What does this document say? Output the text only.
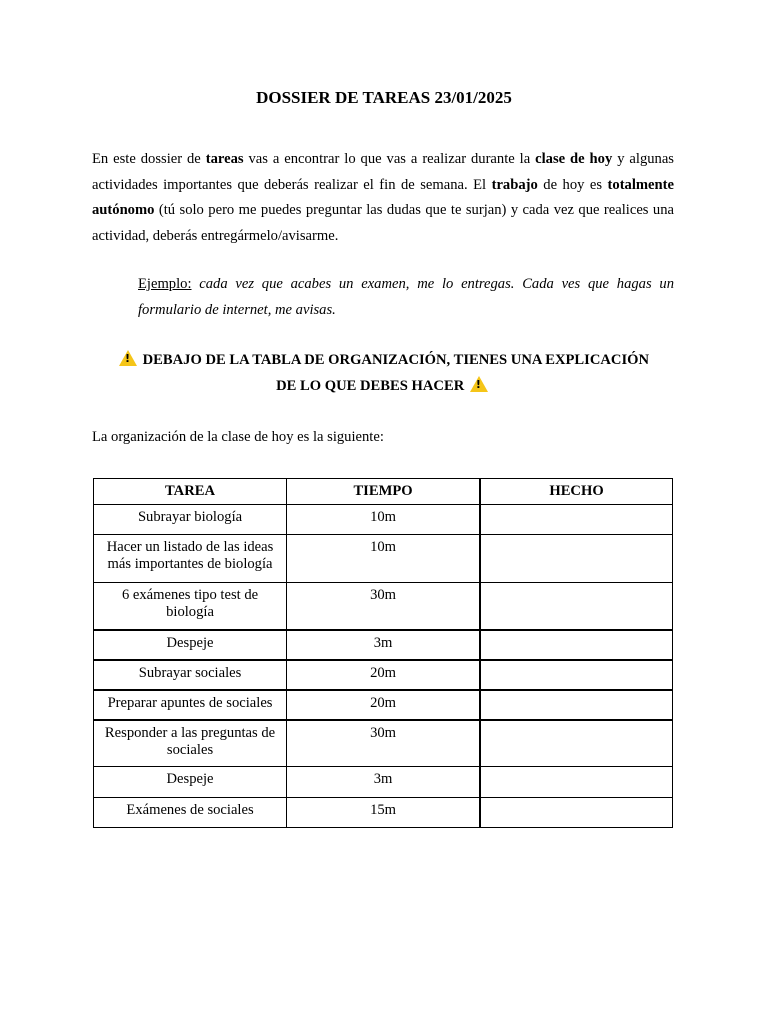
DOSSIER DE TAREAS 23/01/2025

En este dossier de tareas vas a encontrar lo que vas a realizar durante la clase de hoy y algunas actividades importantes que deberás realizar el fin de semana. El trabajo de hoy es totalmente autónomo (tú solo pero me puedes preguntar las dudas que te surjan) y cada vez que realices una actividad, deberás entregármelo/avisarme.

Ejemplo: cada vez que acabes un examen, me lo entregas. Cada ves que hagas un formulario de internet, me avisas.

! DEBAJO DE LA TABLA DE ORGANIZACIÓN, TIENES UNA EXPLICACIÓN
DE LO QUE DEBES HACER !

La organización de la clase de hoy es la siguiente:

TAREA	TIEMPO	HECHO
Subrayar biología	10m	
Hacer un listado de las ideas más importantes de biología	10m	
6 exámenes tipo test de biología	30m	
Despeje	3m	
Subrayar sociales	20m	
Preparar apuntes de sociales	20m	
Responder a las preguntas de sociales	30m	
Despeje	3m	
Exámenes de sociales	15m	
